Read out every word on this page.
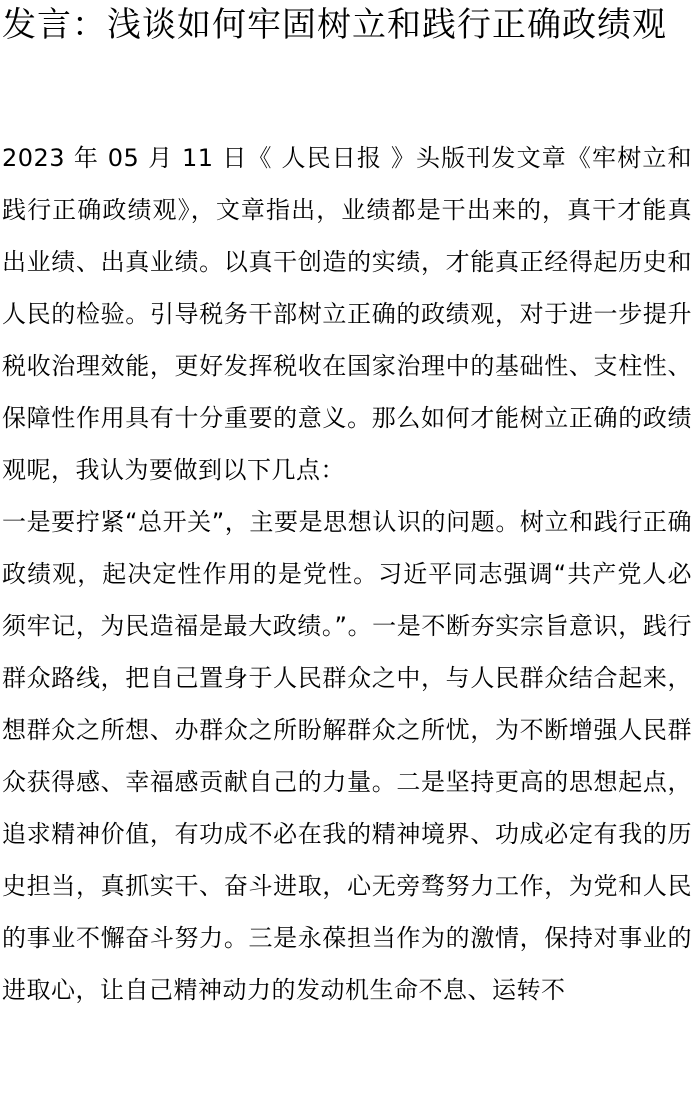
发言：浅谈如何牢固树立和践行正确政绩观

2023 年 05 月 11 日《 人民日报 》头版刊发文章《牢树立和践行正确政绩观》，文章指出，业绩都是干出来的，真干才能真出业绩、出真业绩。以真干创造的实绩，才能真正经得起历史和人民的检验。引导税务干部树立正确的政绩观，对于进一步提升税收治理效能，更好发挥税收在国家治理中的基础性、支柱性、保障性作用具有十分重要的意义。那么如何才能树立正确的政绩观呢，我认为要做到以下几点：

一是要拧紧“总开关”，主要是思想认识的问题。树立和践行正确政绩观，起决定性作用的是党性。习近平同志强调“共产党人必须牢记，为民造福是最大政绩。”。一是不断夯实宗旨意识，践行群众路线，把自己置身于人民群众之中，与人民群众结合起来，想群众之所想、办群众之所盼解群众之所忧，为不断增强人民群众获得感、幸福感贡献自己的力量。二是坚持更高的思想起点，追求精神价值，有功成不必在我的精神境界、功成必定有我的历史担当，真抓实干、奋斗进取，心无旁骛努力工作，为党和人民的事业不懈奋斗努力。三是永葆担当作为的激情，保持对事业的进取心，让自己精神动力的发动机生命不息、运转不
